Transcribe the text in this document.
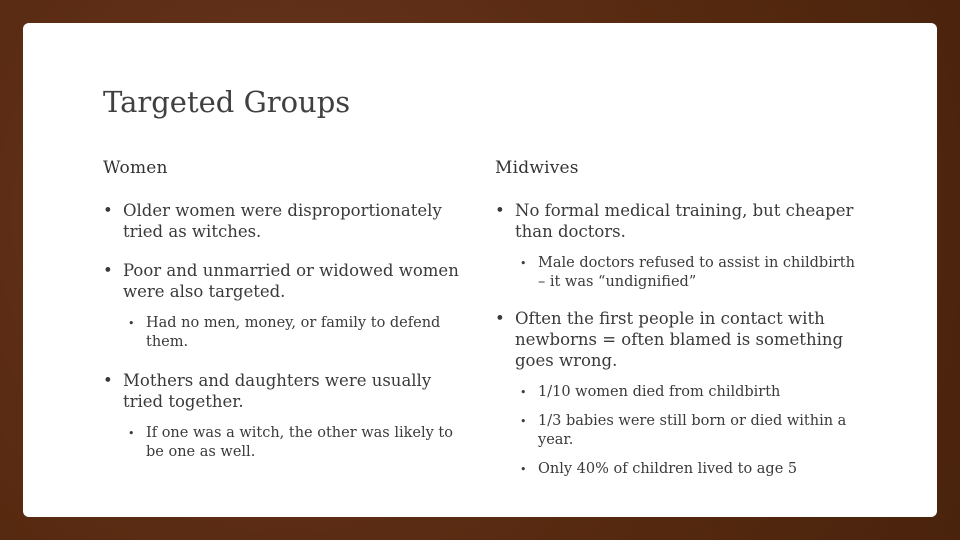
Targeted Groups
Women
• Older women were disproportionately tried as witches.
• Poor and unmarried or widowed women were also targeted.
• Had no men, money, or family to defend them.
• Mothers and daughters were usually tried together.
• If one was a witch, the other was likely to be one as well.
Midwives
• No formal medical training, but cheaper than doctors.
• Male doctors refused to assist in childbirth – it was “undignified”
• Often the first people in contact with newborns = often blamed is something goes wrong.
• 1/10 women died from childbirth
• 1/3 babies were still born or died within a year.
• Only 40% of children lived to age 5
